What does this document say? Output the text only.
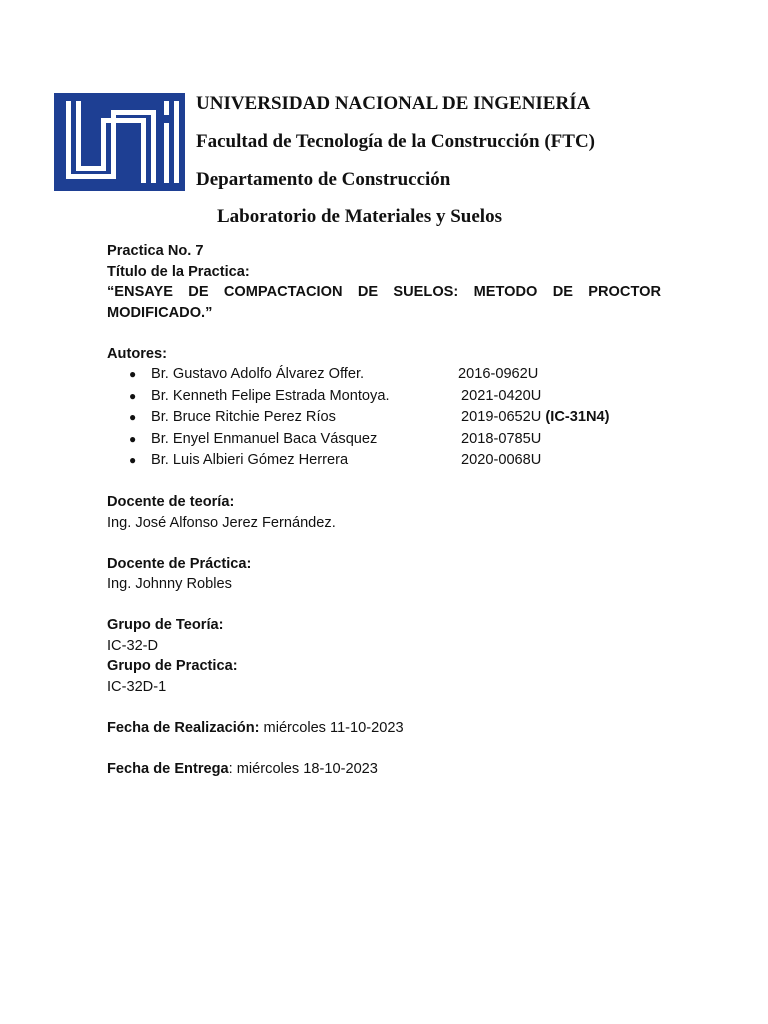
UNIVERSIDAD NACIONAL DE INGENIERÍA
Facultad de Tecnología de la Construcción (FTC)
Departamento de Construcción
Laboratorio de Materiales y Suelos
Practica No. 7
Título de la Practica:
“ENSAYE DE COMPACTACION DE SUELOS: METODO DE PROCTOR MODIFICADO.”
Autores:
● Br. Gustavo Adolfo Álvarez Offer.	2016-0962U
● Br. Kenneth Felipe Estrada Montoya.	2021-0420U
● Br. Bruce Ritchie Perez Ríos	2019-0652U (IC-31N4)
● Br. Enyel Enmanuel Baca Vásquez	2018-0785U
● Br. Luis Albieri Gómez Herrera	2020-0068U
Docente de teoría:
Ing. José Alfonso Jerez Fernández.
Docente de Práctica:
Ing. Johnny Robles
Grupo de Teoría:
IC-32-D
Grupo de Practica:
IC-32D-1
Fecha de Realización: miércoles 11-10-2023
Fecha de Entrega: miércoles 18-10-2023
